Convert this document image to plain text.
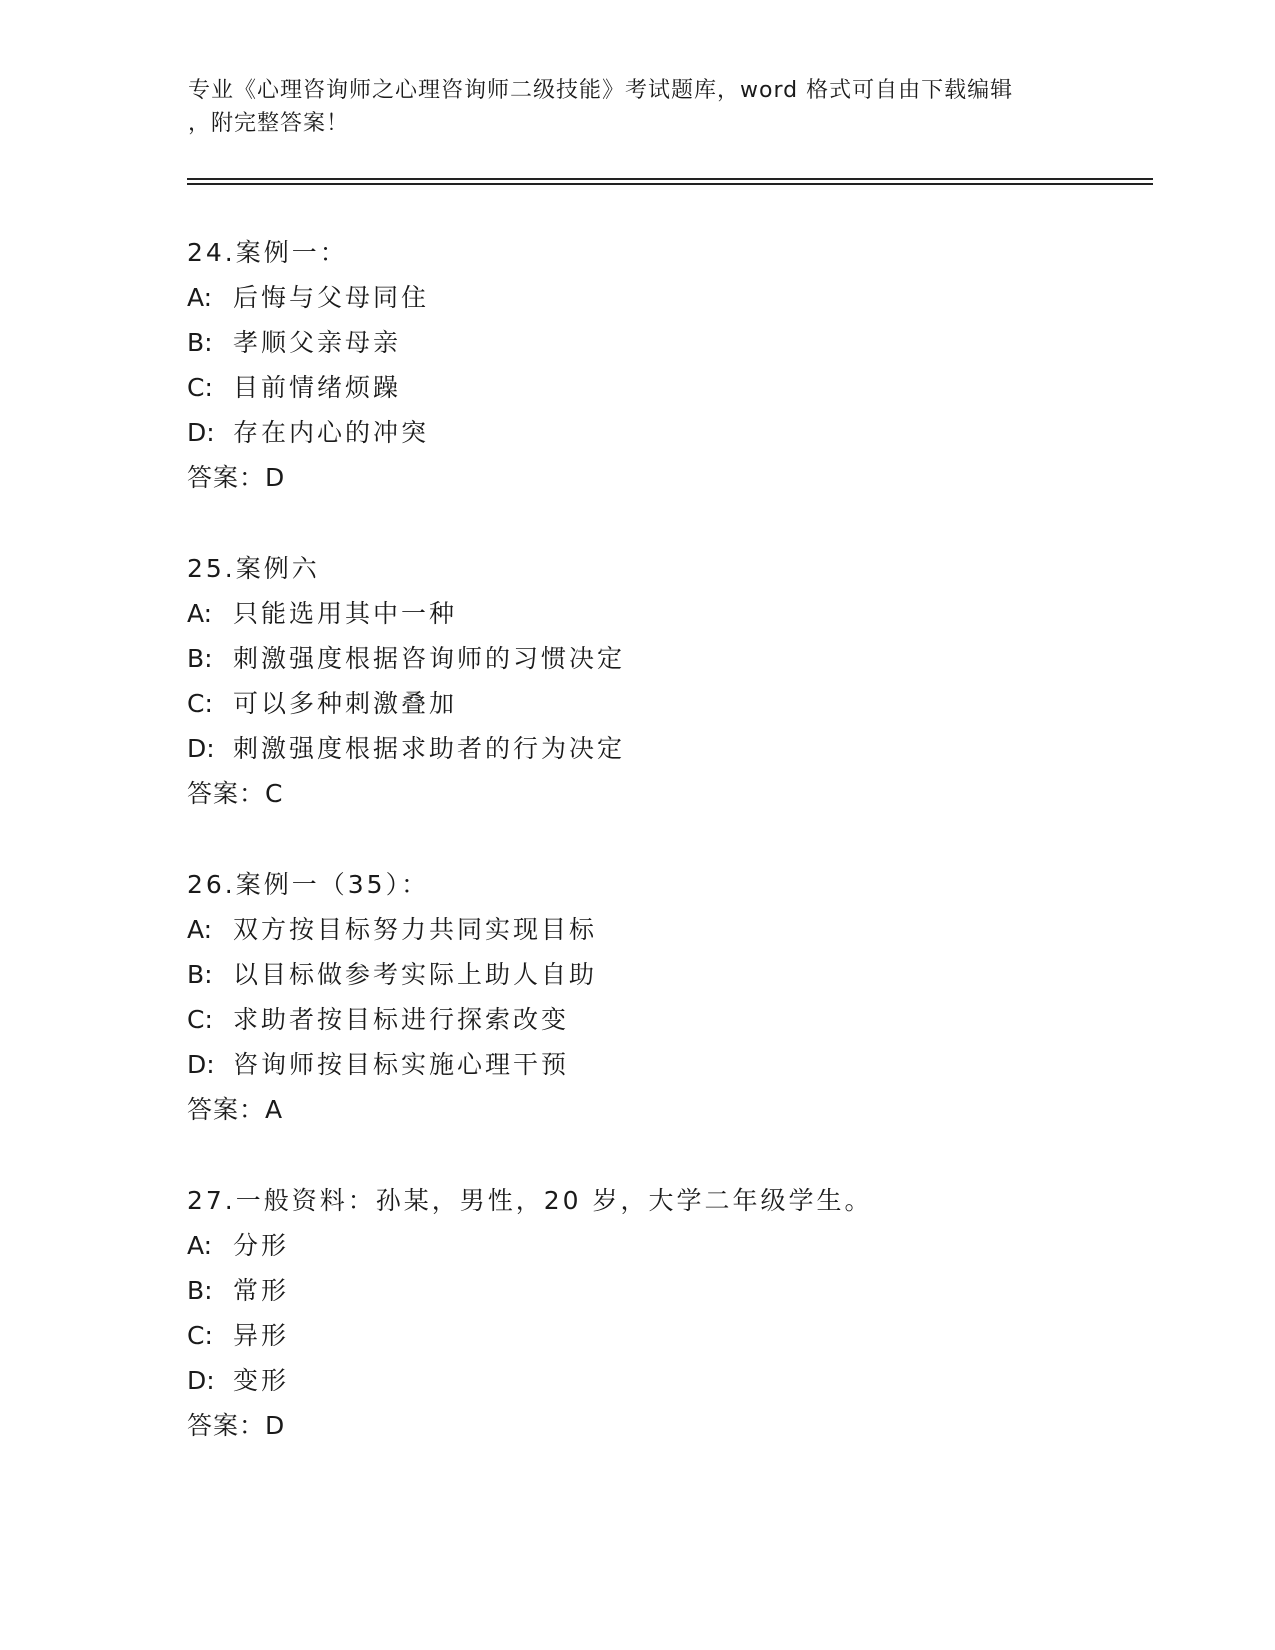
专业《心理咨询师之心理咨询师二级技能》考试题库，word 格式可自由下载编辑
，附完整答案！
24.案例一：
A: 后悔与父母同住
B: 孝顺父亲母亲
C: 目前情绪烦躁
D: 存在内心的冲突
答案：D
25.案例六
A: 只能选用其中一种
B: 刺激强度根据咨询师的习惯决定
C: 可以多种刺激叠加
D: 刺激强度根据求助者的行为决定
答案：C
26.案例一（35）：
A: 双方按目标努力共同实现目标
B: 以目标做参考实际上助人自助
C: 求助者按目标进行探索改变
D: 咨询师按目标实施心理干预
答案：A
27.一般资料：孙某，男性，20 岁，大学二年级学生。
A: 分形
B: 常形
C: 异形
D: 变形
答案：D
